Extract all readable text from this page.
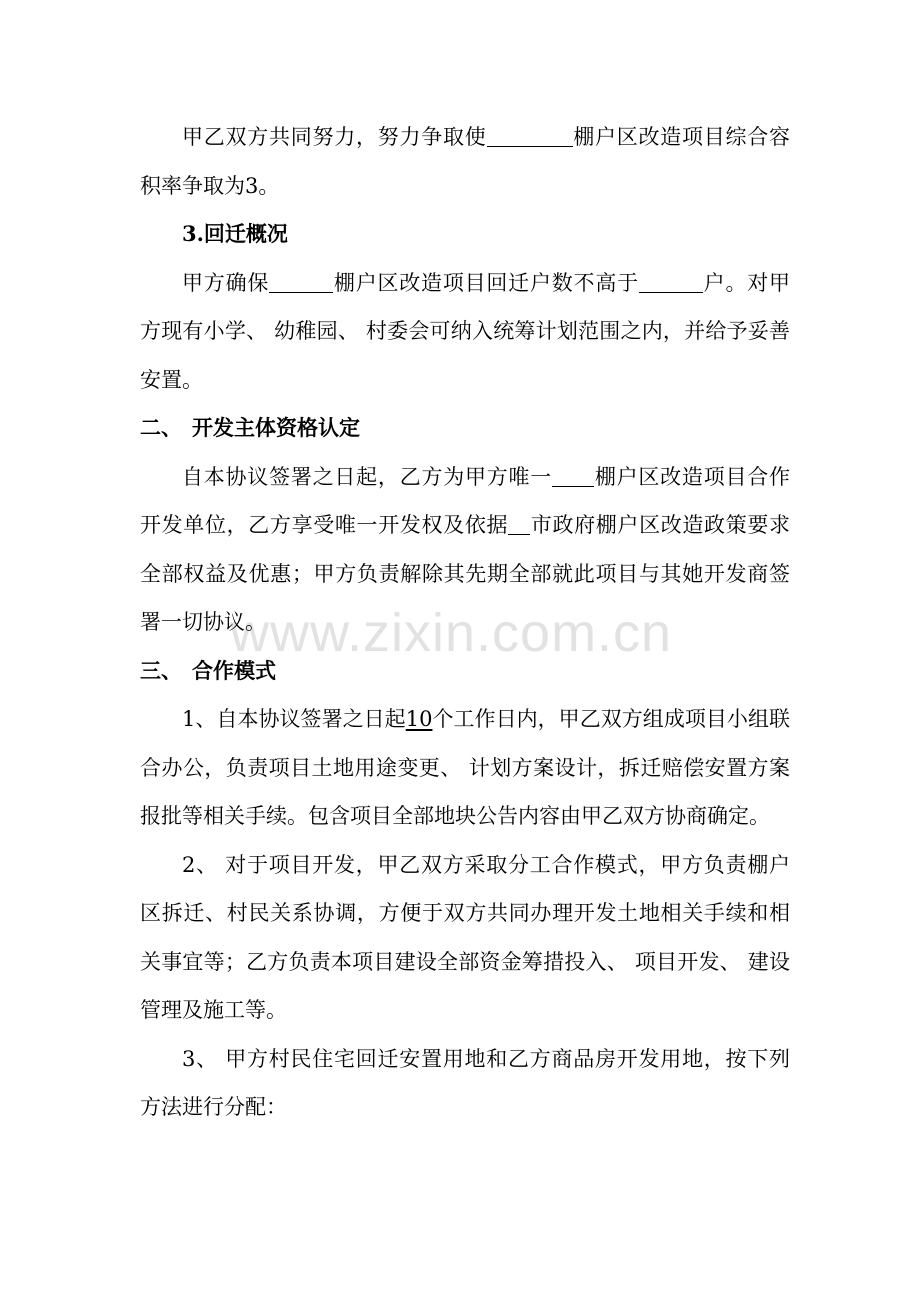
www.zixin.com.cn

甲乙双方共同努力，努力争取使	棚户区改造项目综合容积率争取为3。

3.回迁概况

甲方确保	棚户区改造项目回迁户数不高于	户。对甲方现有小学、 幼稚园、 村委会可纳入统筹计划范围之内，并给予妥善安置。

二、 开发主体资格认定

自本协议签署之日起，乙方为甲方唯一 棚户区改造项目合作开发单位，乙方享受唯一开发权及依据 市政府棚户区改造政策要求全部权益及优惠；甲方负责解除其先期全部就此项目与其她开发商签署一切协议。

三、 合作模式

1、自本协议签署之日起10个工作日内，甲乙双方组成项目小组联合办公，负责项目土地用途变更、 计划方案设计，拆迁赔偿安置方案报批等相关手续。包含项目全部地块公告内容由甲乙双方协商确定。

2、 对于项目开发，甲乙双方采取分工合作模式，甲方负责棚户区拆迁、村民关系协调，方便于双方共同办理开发土地相关手续和相关事宜等；乙方负责本项目建设全部资金筹措投入、 项目开发、 建设管理及施工等。

3、 甲方村民住宅回迁安置用地和乙方商品房开发用地，按下列方法进行分配：
